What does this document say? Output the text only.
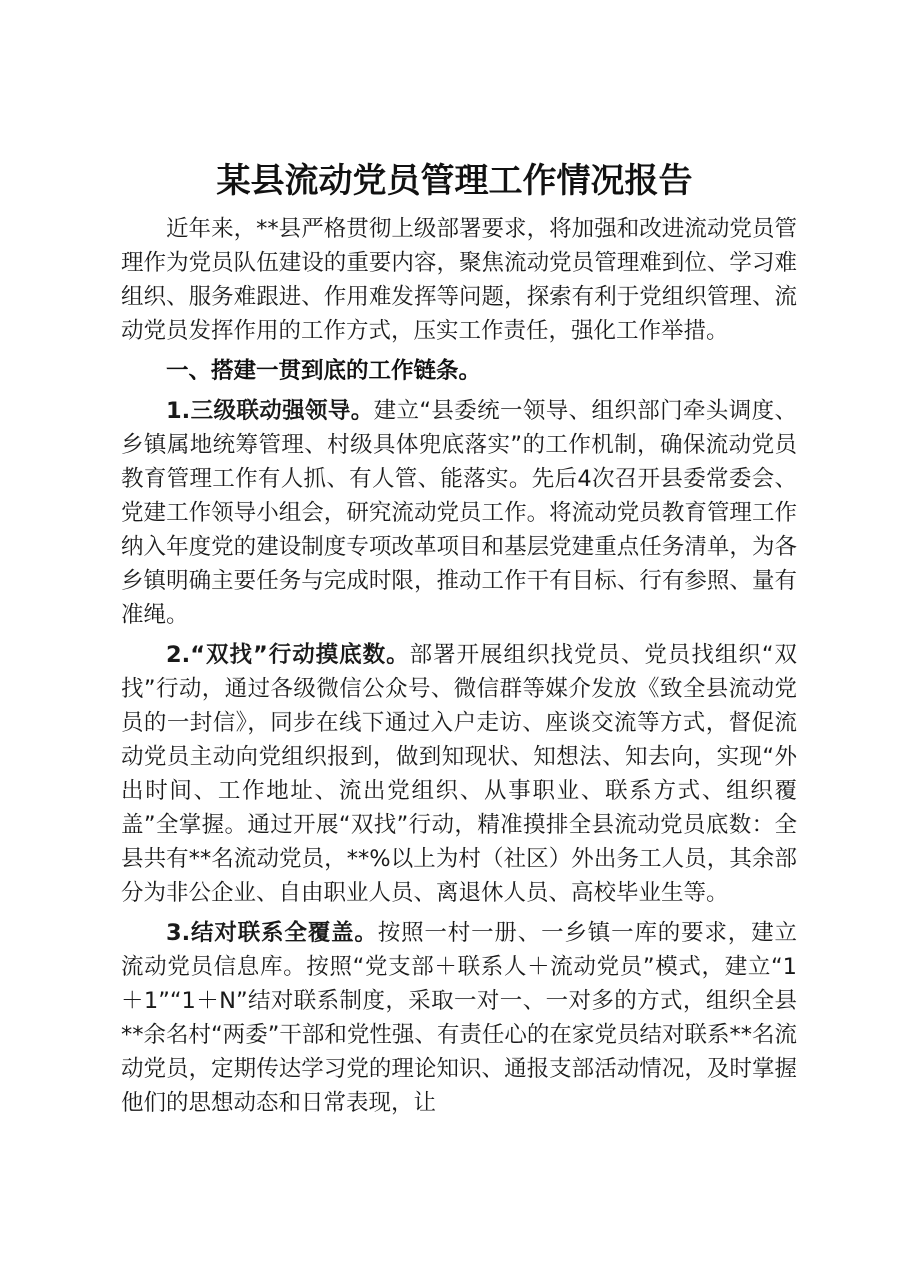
某县流动党员管理工作情况报告

近年来，**县严格贯彻上级部署要求，将加强和改进流动党员管理作为党员队伍建设的重要内容，聚焦流动党员管理难到位、学习难组织、服务难跟进、作用难发挥等问题，探索有利于党组织管理、流动党员发挥作用的工作方式，压实工作责任，强化工作举措。

一、搭建一贯到底的工作链条。

1.三级联动强领导。建立“县委统一领导、组织部门牵头调度、乡镇属地统筹管理、村级具体兜底落实”的工作机制，确保流动党员教育管理工作有人抓、有人管、能落实。先后4次召开县委常委会、党建工作领导小组会，研究流动党员工作。将流动党员教育管理工作纳入年度党的建设制度专项改革项目和基层党建重点任务清单，为各乡镇明确主要任务与完成时限，推动工作干有目标、行有参照、量有准绳。

2.“双找”行动摸底数。部署开展组织找党员、党员找组织“双找”行动，通过各级微信公众号、微信群等媒介发放《致全县流动党员的一封信》，同步在线下通过入户走访、座谈交流等方式，督促流动党员主动向党组织报到，做到知现状、知想法、知去向，实现“外出时间、工作地址、流出党组织、从事职业、联系方式、组织覆盖”全掌握。通过开展“双找”行动，精准摸排全县流动党员底数：全县共有**名流动党员，**%以上为村（社区）外出务工人员，其余部分为非公企业、自由职业人员、离退休人员、高校毕业生等。

3.结对联系全覆盖。按照一村一册、一乡镇一库的要求，建立流动党员信息库。按照“党支部＋联系人＋流动党员”模式，建立“1＋1”“1＋N”结对联系制度，采取一对一、一对多的方式，组织全县**余名村“两委”干部和党性强、有责任心的在家党员结对联系**名流动党员，定期传达学习党的理论知识、通报支部活动情况，及时掌握他们的思想动态和日常表现，让
